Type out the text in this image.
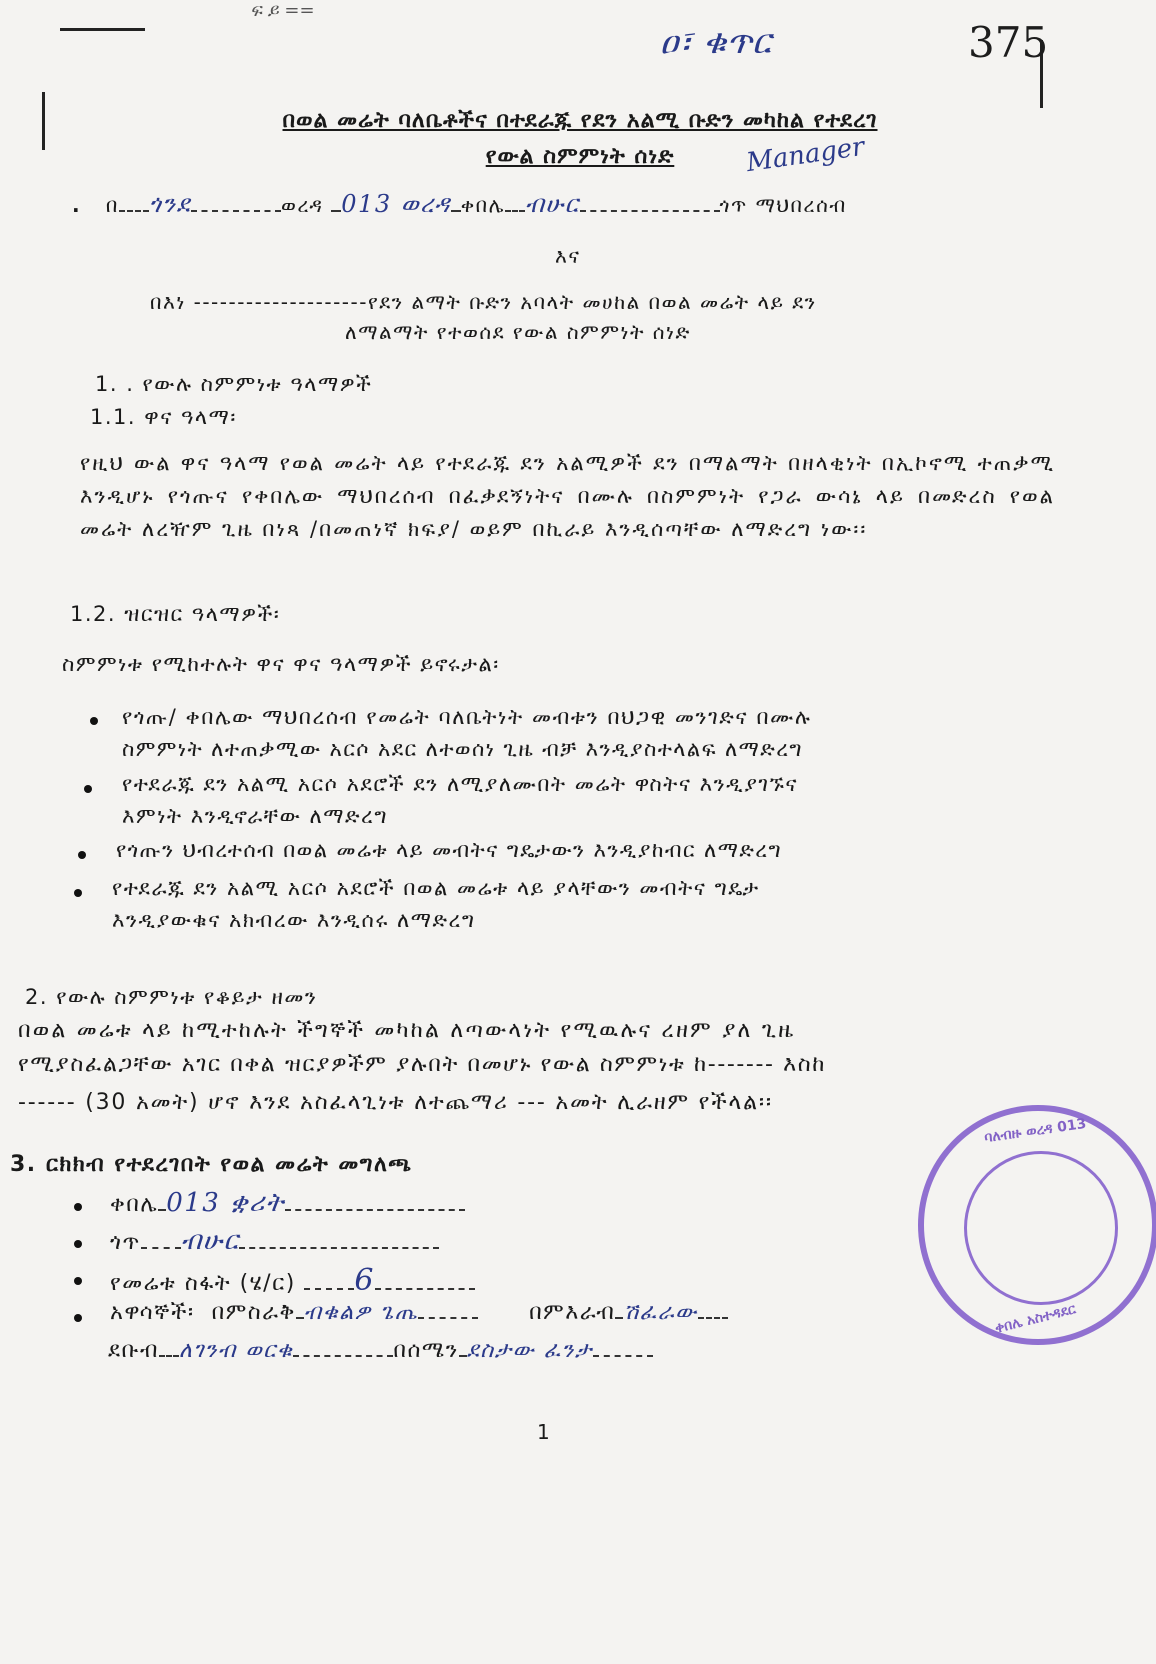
ፍ ይ ==
ዐ፣ ቁጥር	375
በወል መሬት ባለቤቶችና በተደራጁ የደን አልሚ ቡድን መካከል የተደረገ
የውል ስምምነት ሰነድ	Manager
.   በ ጎንደ	ወረዳ 013 ወረዳ ቀበሌ ብሁር	ጎጥ ማህበረሰብ
እና
በእነ --------------------የደን ልማት ቡድን አባላት መሀከል በወል መሬት ላይ ደን
ለማልማት የተወሰደ የውል ስምምነት ሰነድ
1. . የውሉ ስምምነቱ ዓላማዎች
1.1. ዋና ዓላማ፡
የዚህ ውል ዋና ዓላማ የወል መሬት ላይ የተደራጁ ደን አልሚዎች ደን በማልማት በዘላቂነት በኢኮኖሚ ተጠቃሚ እንዲሆኑ የጎጡና የቀበሌው ማህበረሰብ በፈቃደኝነትና በሙሉ በስምምነት የጋራ ውሳኔ ላይ በመድረስ የወል መሬት ለረዥም ጊዜ በነጻ /በመጠነኛ ክፍያ/ ወይም በኪራይ እንዲሰጣቸው ለማድረግ ነው፡፡
1.2. ዝርዝር ዓላማዎች፡
ስምምነቱ የሚከተሉት ዋና ዋና ዓላማዎች ይኖሩታል፡
የጎጡ/ ቀበሌው ማህበረሰብ የመሬት ባለቤትነት መብቱን በህጋዊ መንገድና በሙሉ
ስምምነት ለተጠቃሚው አርሶ አደር ለተወሰነ ጊዜ ብቻ እንዲያስተላልፍ ለማድረግ
የተደራጁ ደን አልሚ አርሶ አደሮች ደን ለሚያለሙበት መሬት ዋስትና እንዲያገኙና
እምነት እንዲኖራቸው ለማድረግ
የጎጡን ህብረተሰብ በወል መሬቱ ላይ መብትና ግዴታውን እንዲያከብር ለማድረግ
የተደራጁ ደን አልሚ አርሶ አደሮች በወል መሬቱ ላይ ያላቸውን መብትና ግዴታ
እንዲያውቁና አክብረው እንዲሰሩ ለማድረግ
2. የውሉ ስምምነቱ የቆይታ ዘመን
በወል መሬቱ ላይ ከሚተከሉት ችግኞች መካከል ለጣውላነት የሚዉሉና ረዘም ያለ ጊዜ
የሚያስፈልጋቸው አገር በቀል ዝርያዎችም ያሉበት በመሆኑ የውል ስምምነቱ ከ------- እስከ
------ (30 አመት) ሆኖ እንደ አስፈላጊነቱ ለተጨማሪ --- አመት ሊራዘም የችላል፡፡
3. ርክክብ የተደረገበት የወል መሬት መግለጫ
ቀበሌ 013 ቋሪት
ጎጥ ብሁር
የመሬቱ ስፋት (ሄ/ር) 6
አዋሳኞች፡ በምስራቅ ብቁልዎ ጌጤ	በምእራብ ሽፈራው
ደቡብ ለገንብ ወርቁ	በሰሜን ደስታው ፈንታ
ባለብዙ ወረዳ 013
ቀበሌ አስተዳደር
1
